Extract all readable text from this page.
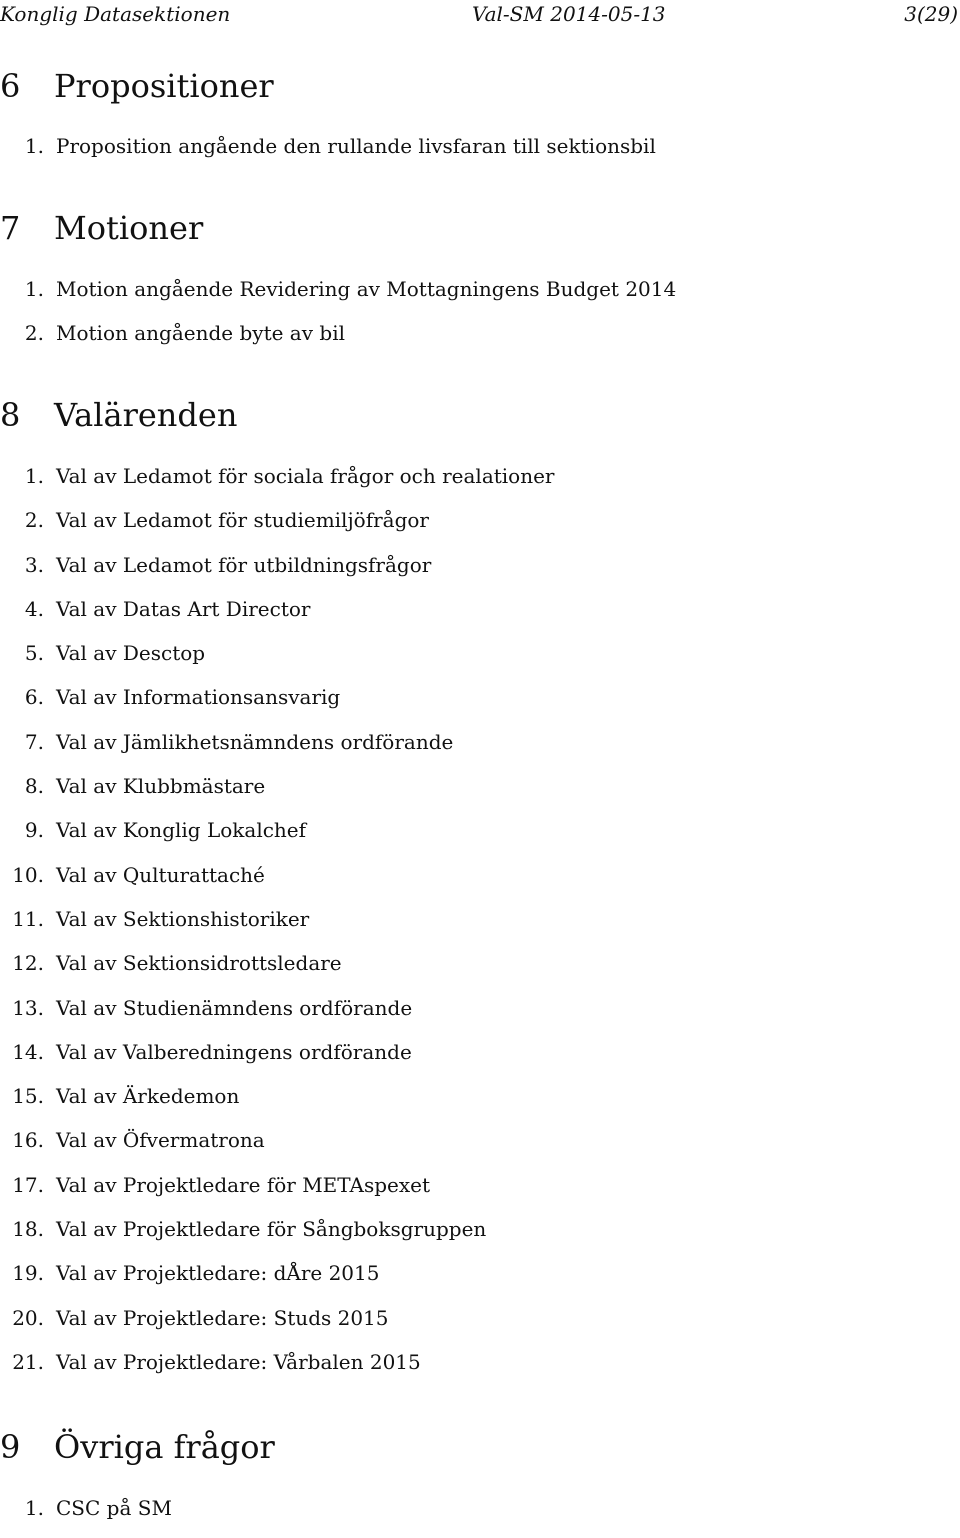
Konglig Datasektionen	Val-SM 2014-05-13	3(29)
6 Propositioner
1. Proposition angående den rullande livsfaran till sektionsbil
7 Motioner
1. Motion angående Revidering av Mottagningens Budget 2014
2. Motion angående byte av bil
8 Valärenden
1. Val av Ledamot för sociala frågor och realationer
2. Val av Ledamot för studiemiljöfrågor
3. Val av Ledamot för utbildningsfrågor
4. Val av Datas Art Director
5. Val av Desctop
6. Val av Informationsansvarig
7. Val av Jämlikhetsnämndens ordförande
8. Val av Klubbmästare
9. Val av Konglig Lokalchef
10. Val av Qulturattaché
11. Val av Sektionshistoriker
12. Val av Sektionsidrottsledare
13. Val av Studienämndens ordförande
14. Val av Valberedningens ordförande
15. Val av Ärkedemon
16. Val av Öfvermatrona
17. Val av Projektledare för METAspexet
18. Val av Projektledare för Sångboksgruppen
19. Val av Projektledare: dÅre 2015
20. Val av Projektledare: Studs 2015
21. Val av Projektledare: Vårbalen 2015
9 Övriga frågor
1. CSC på SM
